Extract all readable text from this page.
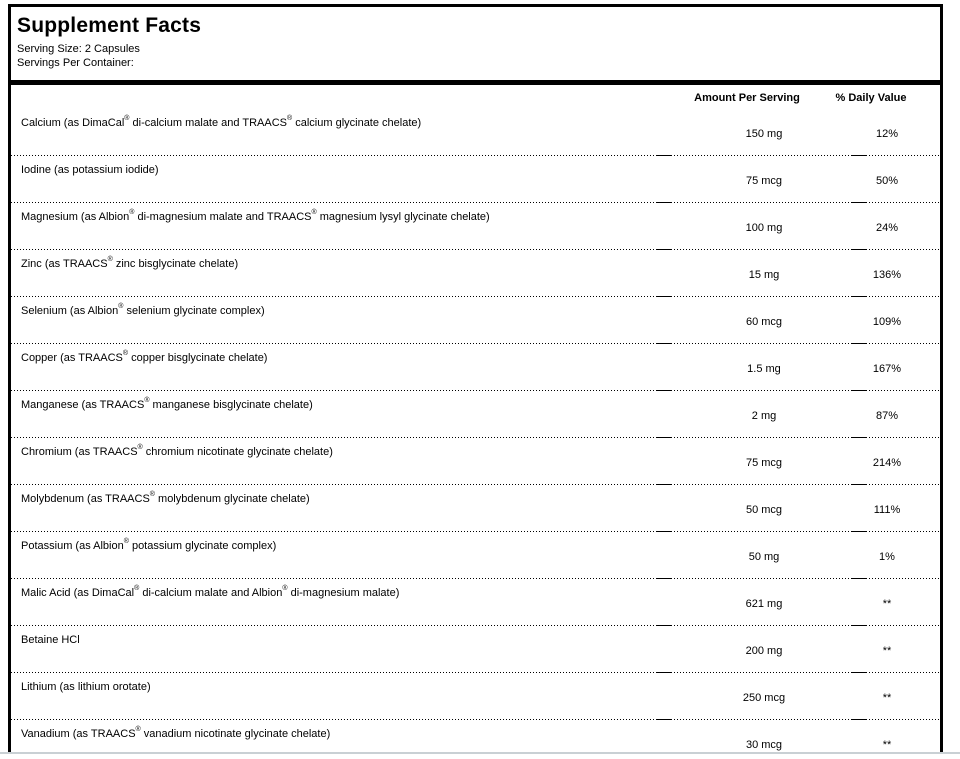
Supplement Facts
Serving Size: 2 Capsules
Servings Per Container:
Amount Per Serving	% Daily Value
Calcium (as DimaCal® di-calcium malate and TRAACS® calcium glycinate chelate)
150 mg	12%
Iodine (as potassium iodide)
75 mcg	50%
Magnesium (as Albion® di-magnesium malate and TRAACS® magnesium lysyl glycinate chelate)
100 mg	24%
Zinc (as TRAACS® zinc bisglycinate chelate)
15 mg	136%
Selenium (as Albion® selenium glycinate complex)
60 mcg	109%
Copper (as TRAACS® copper bisglycinate chelate)
1.5 mg	167%
Manganese (as TRAACS® manganese bisglycinate chelate)
2 mg	87%
Chromium (as TRAACS® chromium nicotinate glycinate chelate)
75 mcg	214%
Molybdenum (as TRAACS® molybdenum glycinate chelate)
50 mcg	111%
Potassium (as Albion® potassium glycinate complex)
50 mg	1%
Malic Acid (as DimaCal® di-calcium malate and Albion® di-magnesium malate)
621 mg	**
Betaine HCl
200 mg	**
Lithium (as lithium orotate)
250 mcg	**
Vanadium (as TRAACS® vanadium nicotinate glycinate chelate)
30 mcg	**
